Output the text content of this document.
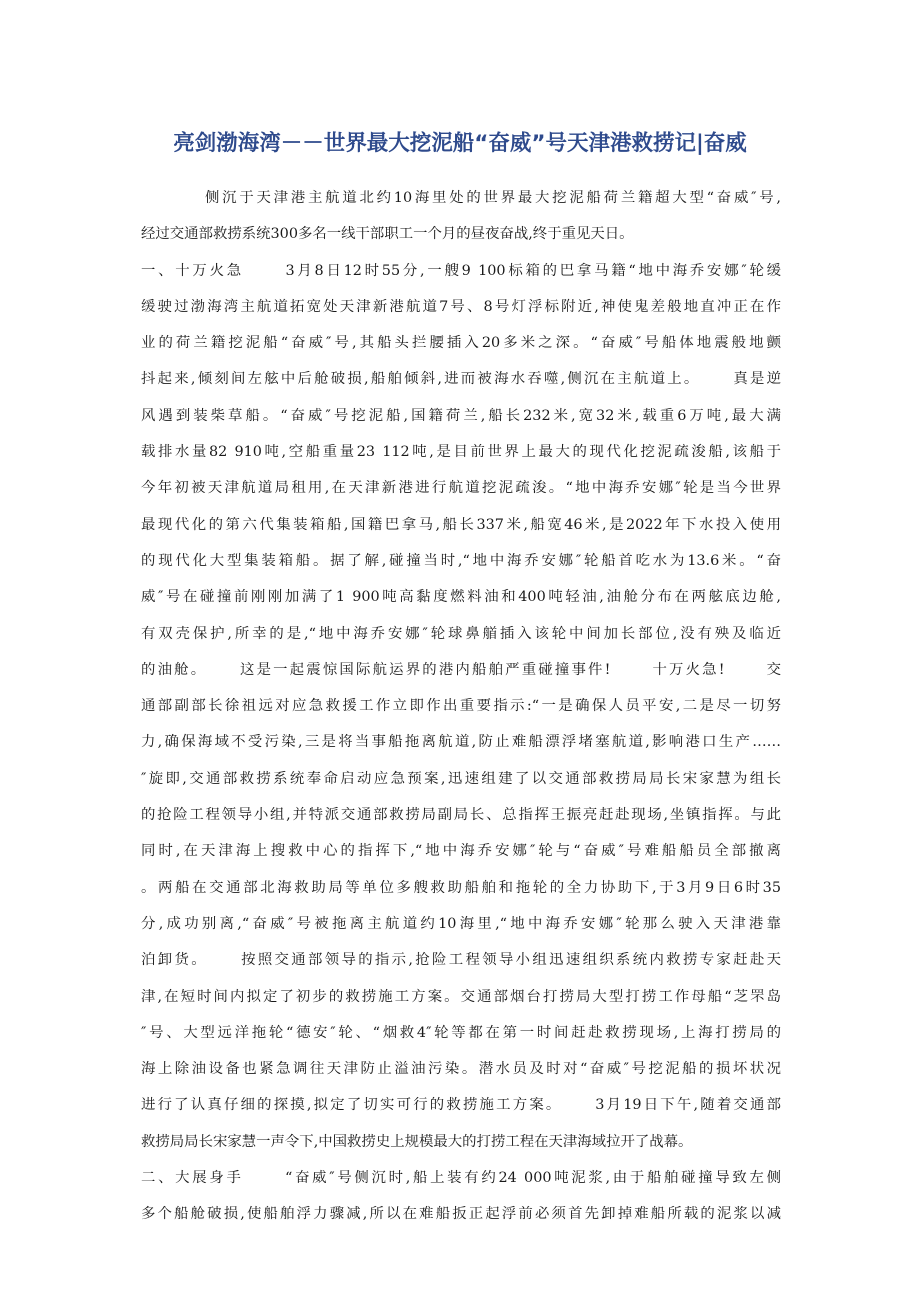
亮剑渤海湾－－世界最大挖泥船“奋威”号天津港救捞记|奋威
侧沉于天津港主航道北约10海里处的世界最大挖泥船荷兰籍超大型“奋威″号,
经过交通部救捞系统300多名一线干部职工一个月的昼夜奋战,终于重见天日。
一、十万火急　　 3月8日12时55分,一艘9 100标箱的巴拿马籍“地中海乔安娜″轮缓
缓驶过渤海湾主航道拓宽处天津新港航道7号、8号灯浮标附近,神使鬼差般地直冲正在作
业的荷兰籍挖泥船“奋威″号,其船头拦腰插入20多米之深。“奋威″号船体地震般地颤
抖起来,倾刻间左舷中后舱破损,船舶倾斜,进而被海水吞噬,侧沉在主航道上。　　 真是逆
风遇到装柴草船。“奋威″号挖泥船,国籍荷兰,船长232米,宽32米,载重6万吨,最大满
载排水量82 910吨,空船重量23 112吨,是目前世界上最大的现代化挖泥疏浚船,该船于
今年初被天津航道局租用,在天津新港进行航道挖泥疏浚。“地中海乔安娜″轮是当今世界
最现代化的第六代集装箱船,国籍巴拿马,船长337米,船宽46米,是2022年下水投入使用
的现代化大型集装箱船。据了解,碰撞当时,“地中海乔安娜″轮船首吃水为13.6米。“奋
威″号在碰撞前刚刚加满了1 900吨高黏度燃料油和400吨轻油,油舱分布在两舷底边舱,
有双壳保护,所幸的是,“地中海乔安娜″轮球鼻艏插入该轮中间加长部位,没有殃及临近
的油舱。　　 这是一起震惊国际航运界的港内船舶严重碰撞事件!　　 十万火急!　　 交
通部副部长徐祖远对应急救援工作立即作出重要指示:“一是确保人员平安,二是尽一切努
力,确保海域不受污染,三是将当事船拖离航道,防止难船漂浮堵塞航道,影响港口生产……
″旋即,交通部救捞系统奉命启动应急预案,迅速组建了以交通部救捞局局长宋家慧为组长
的抢险工程领导小组,并特派交通部救捞局副局长、总指挥王振亮赶赴现场,坐镇指挥。与此
同时,在天津海上搜救中心的指挥下,“地中海乔安娜″轮与“奋威″号难船船员全部撤离
。两船在交通部北海救助局等单位多艘救助船舶和拖轮的全力协助下,于3月9日6时35
分,成功别离,“奋威″号被拖离主航道约10海里,“地中海乔安娜″轮那么驶入天津港靠
泊卸货。　　 按照交通部领导的指示,抢险工程领导小组迅速组织系统内救捞专家赶赴天
津,在短时间内拟定了初步的救捞施工方案。交通部烟台打捞局大型打捞工作母船“芝罘岛
″号、大型远洋拖轮“德安″轮、“烟救4″轮等都在第一时间赶赴救捞现场,上海打捞局的
海上除油设备也紧急调往天津防止溢油污染。潜水员及时对“奋威″号挖泥船的损坏状况
进行了认真仔细的探摸,拟定了切实可行的救捞施工方案。　　 3月19日下午,随着交通部
救捞局局长宋家慧一声令下,中国救捞史上规模最大的打捞工程在天津海域拉开了战幕。
二、大展身手　　 “奋威″号侧沉时,船上装有约24 000吨泥浆,由于船舶碰撞导致左侧
多个船舱破损,使船舶浮力骤减,所以在难船扳正起浮前必须首先卸掉难船所载的泥浆以减
